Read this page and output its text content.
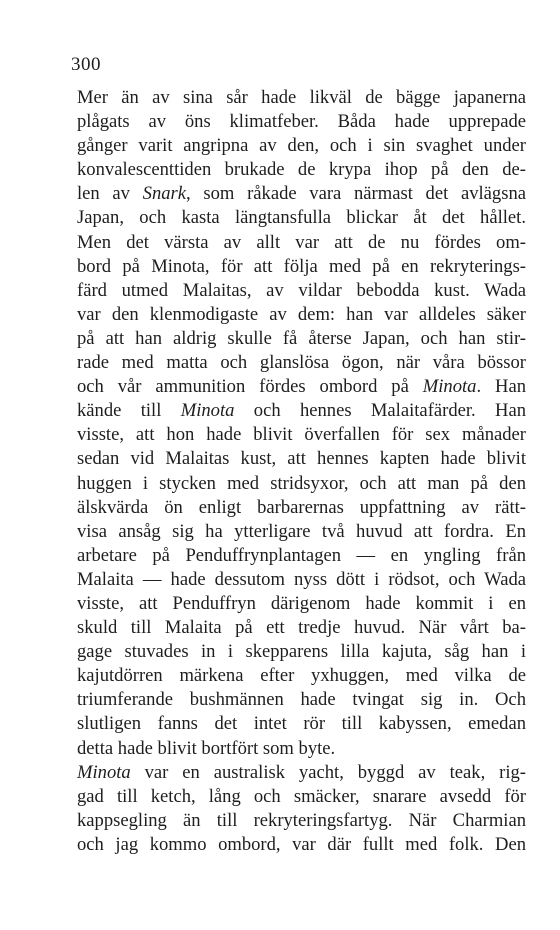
300
Mer än av sina sår hade likväl de bägge japanerna
plågats av öns klimatfeber. Båda hade upprepade
gånger varit angripna av den, och i sin svaghet under
konvalescenttiden brukade de krypa ihop på den de-
len av Snark, som råkade vara närmast det avlägsna
Japan, och kasta längtansfulla blickar åt det hållet.
Men det värsta av allt var att de nu fördes om-
bord på Minota, för att följa med på en rekryterings-
färd utmed Malaitas, av vildar bebodda kust. Wada
var den klenmodigaste av dem: han var alldeles säker
på att han aldrig skulle få återse Japan, och han stir-
rade med matta och glanslösa ögon, när våra bössor
och vår ammunition fördes ombord på Minota. Han
kände till Minota och hennes Malaitafärder. Han
visste, att hon hade blivit överfallen för sex månader
sedan vid Malaitas kust, att hennes kapten hade blivit
huggen i stycken med stridsyxor, och att man på den
älskvärda ön enligt barbarernas uppfattning av rätt-
visa ansåg sig ha ytterligare två huvud att fordra. En
arbetare på Penduffrynplantagen — en yngling från
Malaita — hade dessutom nyss dött i rödsot, och Wada
visste, att Penduffryn därigenom hade kommit i en
skuld till Malaita på ett tredje huvud. När vårt ba-
gage stuvades in i skepparens lilla kajuta, såg han i
kajutdörren märkena efter yxhuggen, med vilka de
triumferande bushmännen hade tvingat sig in. Och
slutligen fanns det intet rör till kabyssen, emedan
detta hade blivit bortfört som byte.
Minota var en australisk yacht, byggd av teak, rig-
gad till ketch, lång och smäcker, snarare avsedd för
kappsegling än till rekryteringsfartyg. När Charmian
och jag kommo ombord, var där fullt med folk. Den
